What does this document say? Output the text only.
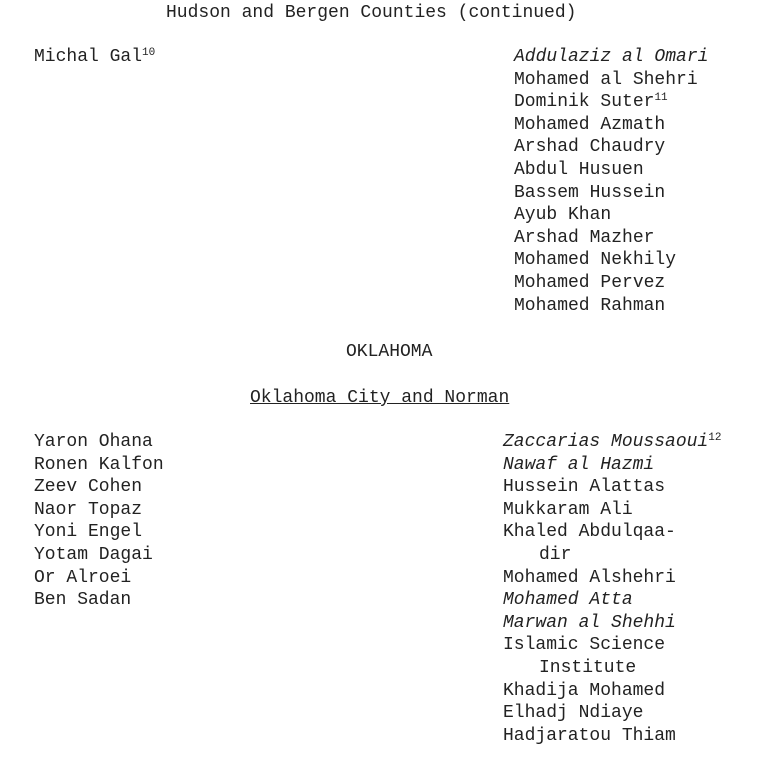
Hudson and Bergen Counties (continued)
Michal Gal$^{10}$	Addulaziz al Omari
Mohamed al Shehri
Dominik Suter$^{11}$
Mohamed Azmath
Arshad Chaudry
Abdul Husuen
Bassem Hussein
Ayub Khan
Arshad Mazher
Mohamed Nekhily
Mohamed Pervez
Mohamed Rahman
OKLAHOMA
Oklahoma City and Norman
Yaron Ohana
Ronen Kalfon
Zeev Cohen
Naor Topaz
Yoni Engel
Yotam Dagai
Or Alroei
Ben Sadan
Zaccarias Moussaoui$^{12}$
Nawaf al Hazmi
Hussein Alattas
Mukkaram Ali
Khaled Abdulqaa-
dir
Mohamed Alshehri
Mohamed Atta
Marwan al Shehhi
Islamic Science
Institute
Khadija Mohamed
Elhadj Ndiaye
Hadjaratou Thiam
